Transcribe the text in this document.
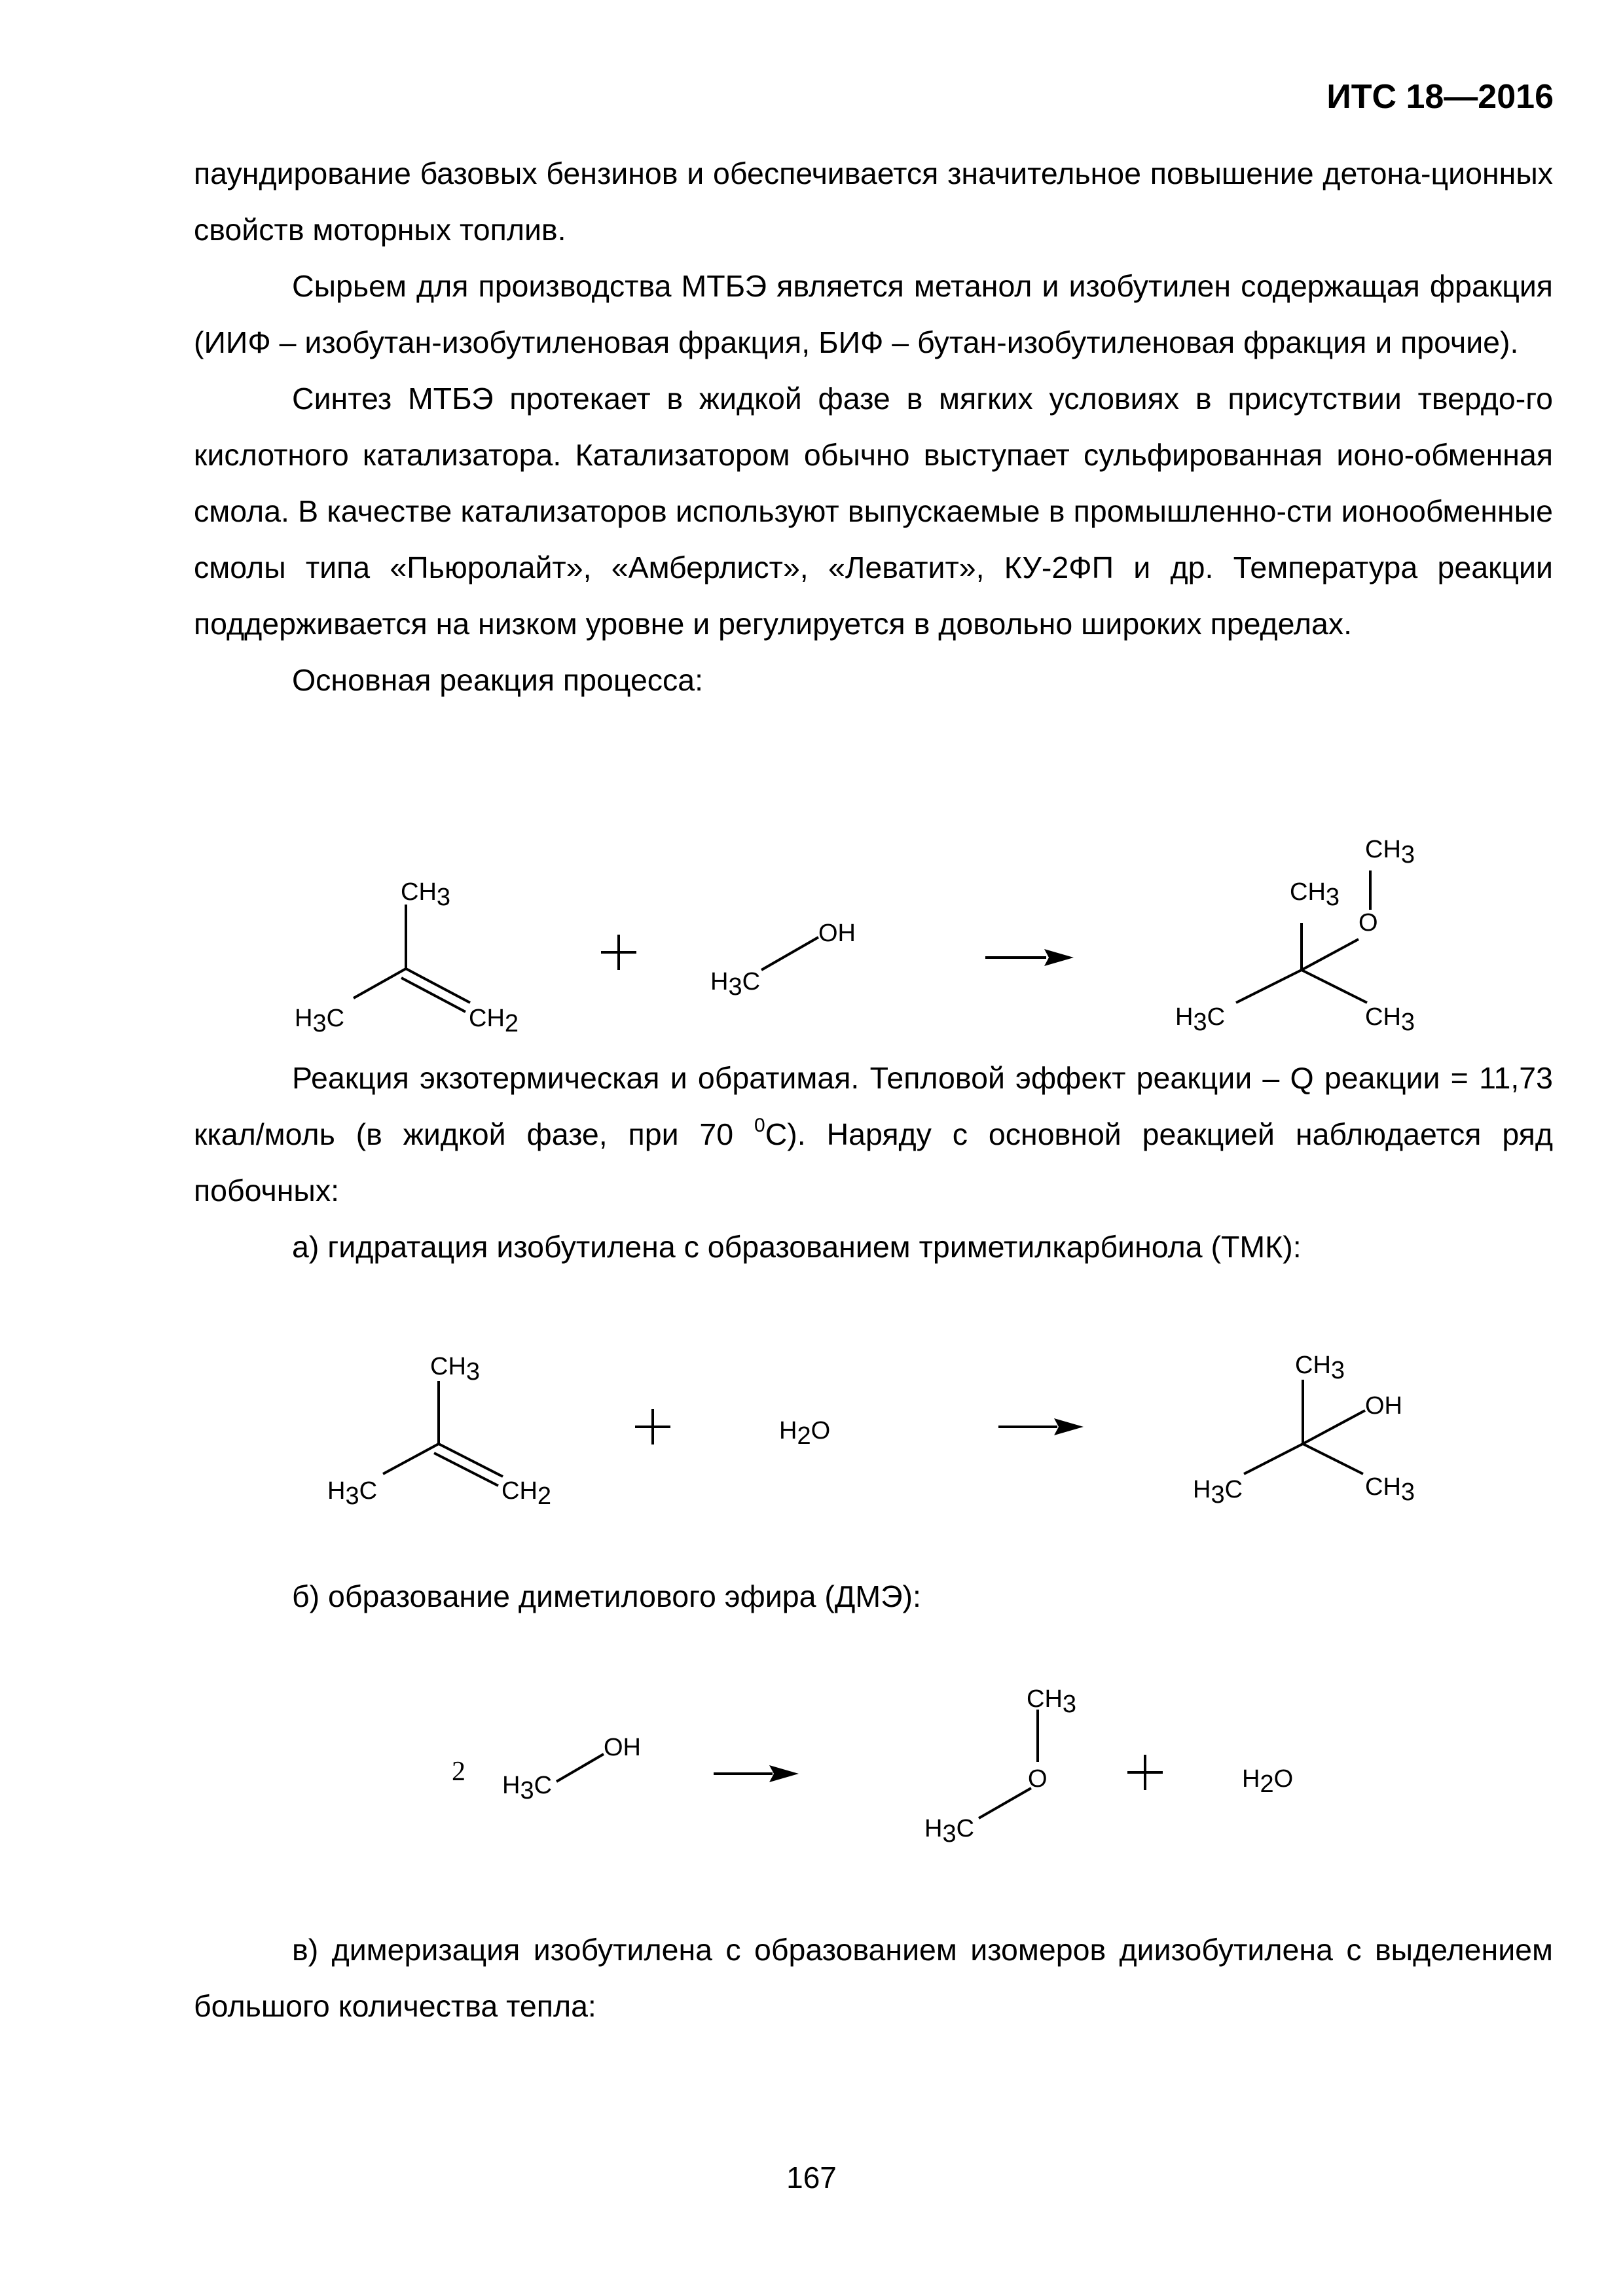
ИТС 18—2016

паундирование базовых бензинов и обеспечивается значительное повышение детона-ционных свойств моторных топлив.

Сырьем для производства МТБЭ является метанол и изобутилен содержащая фракция (ИИФ – изобутан-изобутиленовая фракция, БИФ – бутан-изобутиленовая фракция и прочие).

Синтез МТБЭ протекает в жидкой фазе в мягких условиях в присутствии твердо-го кислотного катализатора. Катализатором обычно выступает сульфированная ионо-обменная смола. В качестве катализаторов используют выпускаемые в промышленно-сти ионообменные смолы типа «Пьюролайт», «Амберлист», «Леватит», КУ-2ФП и др. Температура реакции поддерживается на низком уровне и регулируется в довольно широких пределах.

Основная реакция процесса:

CH3
H3C	CH2
OH
H3C
CH3
CH3
O
H3C	CH3

Реакция экзотермическая и обратимая. Тепловой эффект реакции – Q реакции = 11,73 ккал/моль (в жидкой фазе, при 70 $^0$С). Наряду с основной реакцией наблюдается ряд побочных:

а) гидратация изобутилена с образованием триметилкарбинола (ТМК):

CH3
H3C	CH2
H2O
CH3
OH
H3C	CH3

б) образование диметилового эфира (ДМЭ):

2
OH
H3C
CH3
O
H3C
H2O

в) димеризация изобутилена с образованием изомеров диизобутилена с выделением большого количества тепла:

167
